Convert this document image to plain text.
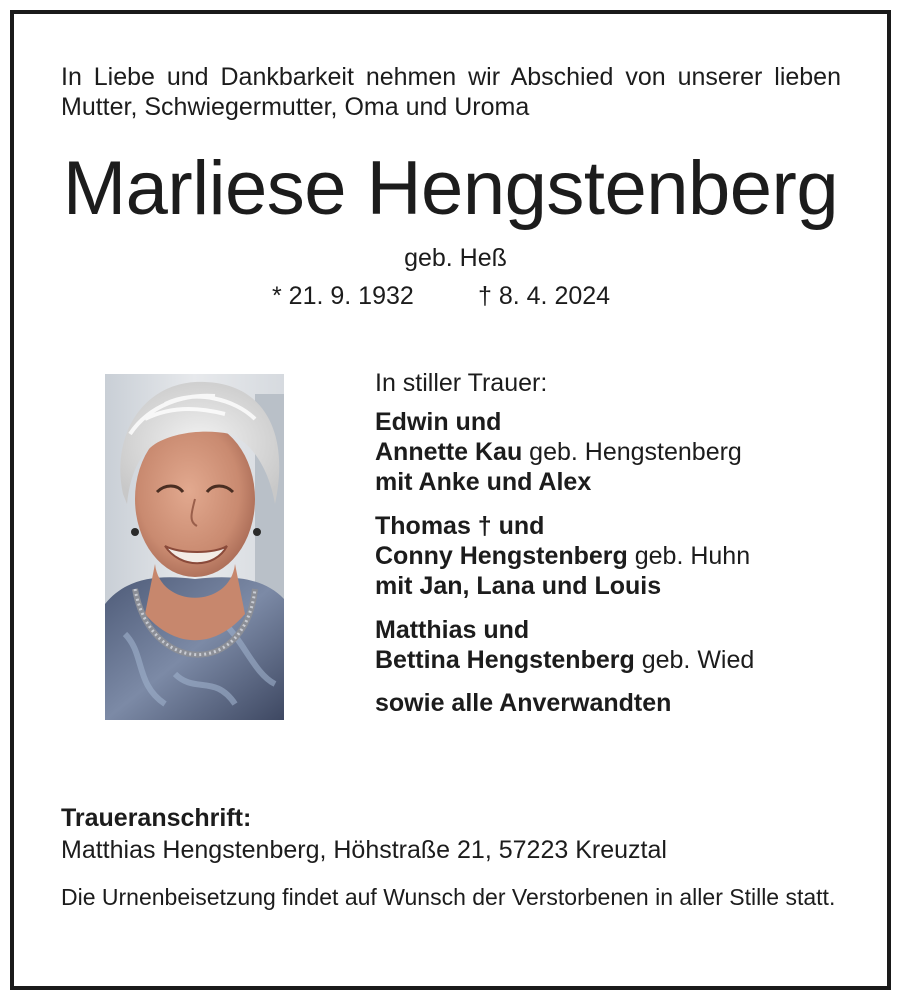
In Liebe und Dankbarkeit nehmen wir Abschied von unserer lieben Mutter, Schwiegermutter, Oma und Uroma
Marliese Hengstenberg
geb. Heß
* 21. 9. 1932	† 8. 4. 2024
In stiller Trauer:
Edwin und
Annette Kau geb. Hengstenberg
mit Anke und Alex
Thomas † und
Conny Hengstenberg geb. Huhn
mit Jan, Lana und Louis
Matthias und
Bettina Hengstenberg geb. Wied
sowie alle Anverwandten
Traueranschrift:
Matthias Hengstenberg, Höhstraße 21, 57223 Kreuztal
Die Urnenbeisetzung findet auf Wunsch der Verstorbenen in aller Stille statt.
